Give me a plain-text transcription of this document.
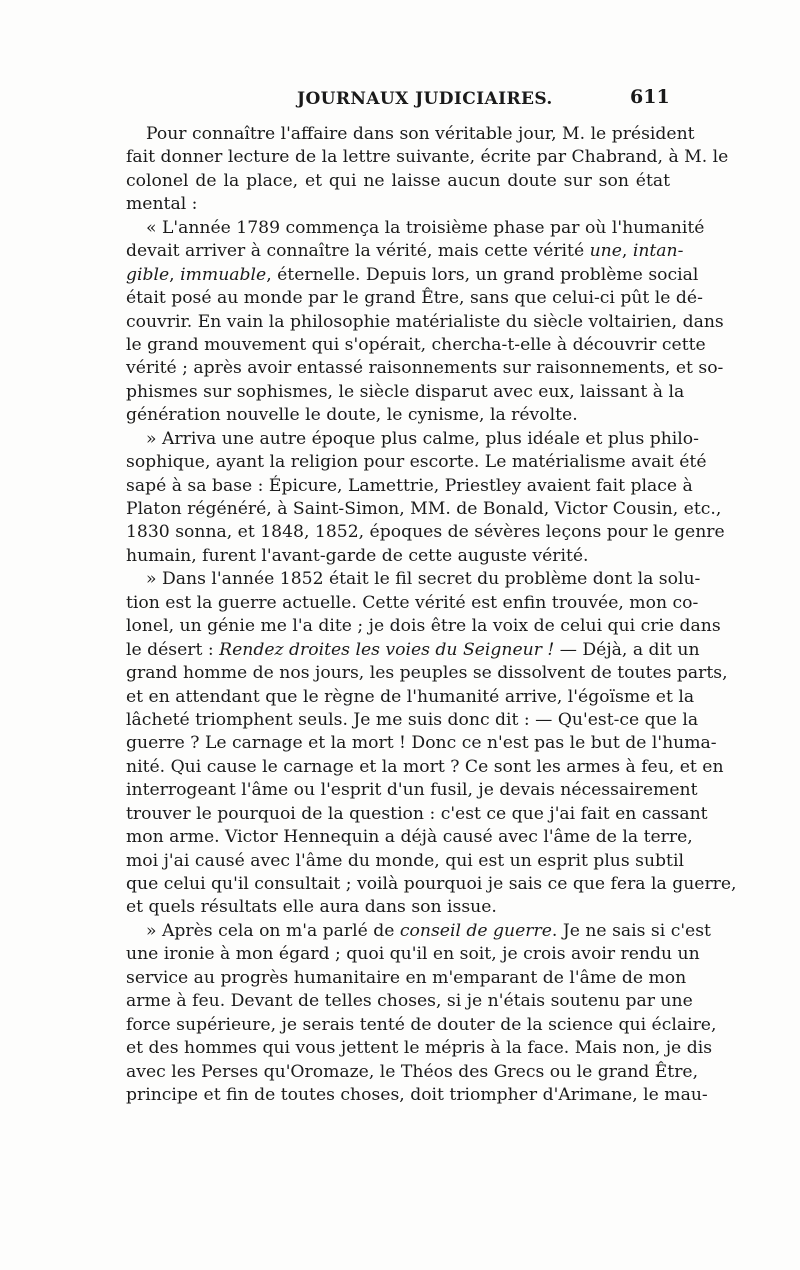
JOURNAUX JUDICIAIRES.	611
Pour connaître l'affaire dans son véritable jour, M. le président
fait donner lecture de la lettre suivante, écrite par Chabrand, à M. le
colonel de la place, et qui ne laisse aucun doute sur son état
mental :
« L'année 1789 commença la troisième phase par où l'humanité
devait arriver à connaître la vérité, mais cette vérité une, intan-
gible, immuable, éternelle. Depuis lors, un grand problème social
était posé au monde par le grand Être, sans que celui-ci pût le dé-
couvrir. En vain la philosophie matérialiste du siècle voltairien, dans
le grand mouvement qui s'opérait, chercha-t-elle à découvrir cette
vérité ; après avoir entassé raisonnements sur raisonnements, et so-
phismes sur sophismes, le siècle disparut avec eux, laissant à la
génération nouvelle le doute, le cynisme, la révolte.
» Arriva une autre époque plus calme, plus idéale et plus philo-
sophique, ayant la religion pour escorte. Le matérialisme avait été
sapé à sa base : Épicure, Lamettrie, Priestley avaient fait place à
Platon régénéré, à Saint-Simon, MM. de Bonald, Victor Cousin, etc.,
1830 sonna, et 1848, 1852, époques de sévères leçons pour le genre
humain, furent l'avant-garde de cette auguste vérité.
» Dans l'année 1852 était le fil secret du problème dont la solu-
tion est la guerre actuelle. Cette vérité est enfin trouvée, mon co-
lonel, un génie me l'a dite ; je dois être la voix de celui qui crie dans
le désert : Rendez droites les voies du Seigneur ! — Déjà, a dit un
grand homme de nos jours, les peuples se dissolvent de toutes parts,
et en attendant que le règne de l'humanité arrive, l'égoïsme et la
lâcheté triomphent seuls. Je me suis donc dit : — Qu'est-ce que la
guerre ? Le carnage et la mort ! Donc ce n'est pas le but de l'huma-
nité. Qui cause le carnage et la mort ? Ce sont les armes à feu, et en
interrogeant l'âme ou l'esprit d'un fusil, je devais nécessairement
trouver le pourquoi de la question : c'est ce que j'ai fait en cassant
mon arme. Victor Hennequin a déjà causé avec l'âme de la terre,
moi j'ai causé avec l'âme du monde, qui est un esprit plus subtil
que celui qu'il consultait ; voilà pourquoi je sais ce que fera la guerre,
et quels résultats elle aura dans son issue.
» Après cela on m'a parlé de conseil de guerre. Je ne sais si c'est
une ironie à mon égard ; quoi qu'il en soit, je crois avoir rendu un
service au progrès humanitaire en m'emparant de l'âme de mon
arme à feu. Devant de telles choses, si je n'étais soutenu par une
force supérieure, je serais tenté de douter de la science qui éclaire,
et des hommes qui vous jettent le mépris à la face. Mais non, je dis
avec les Perses qu'Oromaze, le Théos des Grecs ou le grand Être,
principe et fin de toutes choses, doit triompher d'Arimane, le mau-
